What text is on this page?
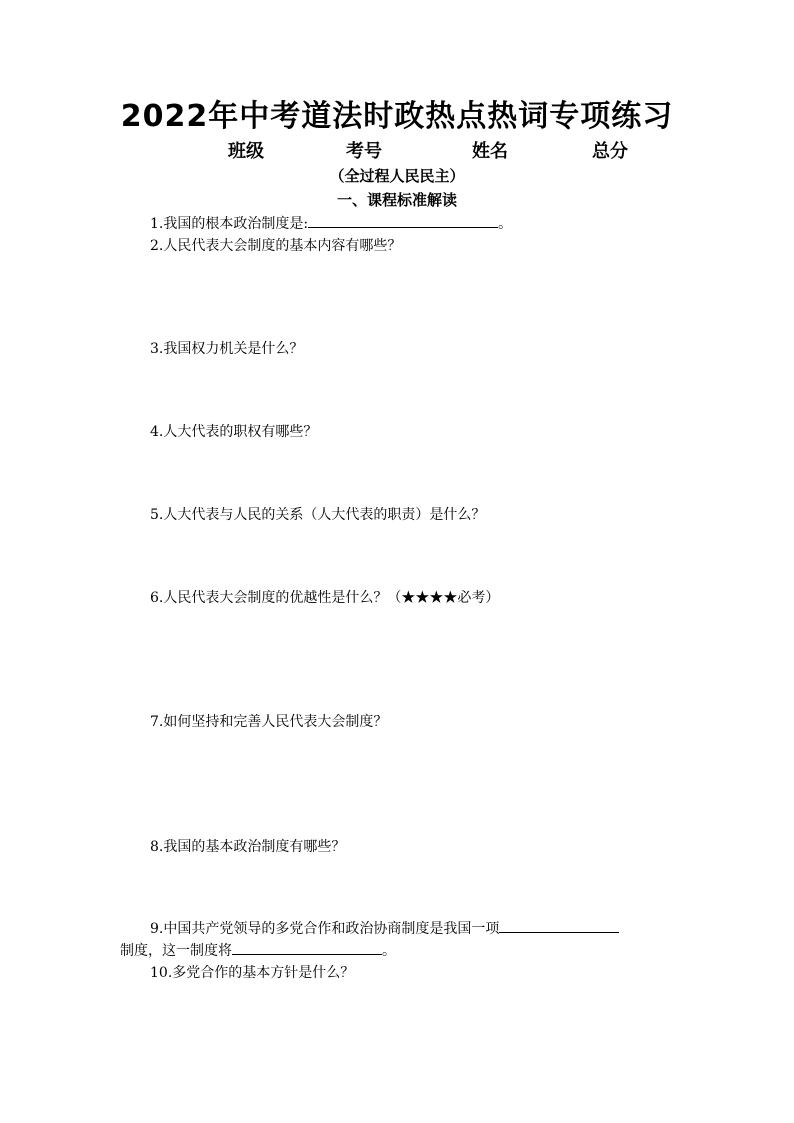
2022年中考道法时政热点热词专项练习
班级	考号	姓名	总分
（全过程人民民主）
一、课程标准解读
1.我国的根本政治制度是:	。
2.人民代表大会制度的基本内容有哪些？
3.我国权力机关是什么？
4.人大代表的职权有哪些？
5.人大代表与人民的关系（人大代表的职责）是什么？
6.人民代表大会制度的优越性是什么？（★★★★必考）
7.如何坚持和完善人民代表大会制度？
8.我国的基本政治制度有哪些？
9.中国共产党领导的多党合作和政治协商制度是我国一项
制度，这一制度将	。
10.多党合作的基本方针是什么？
